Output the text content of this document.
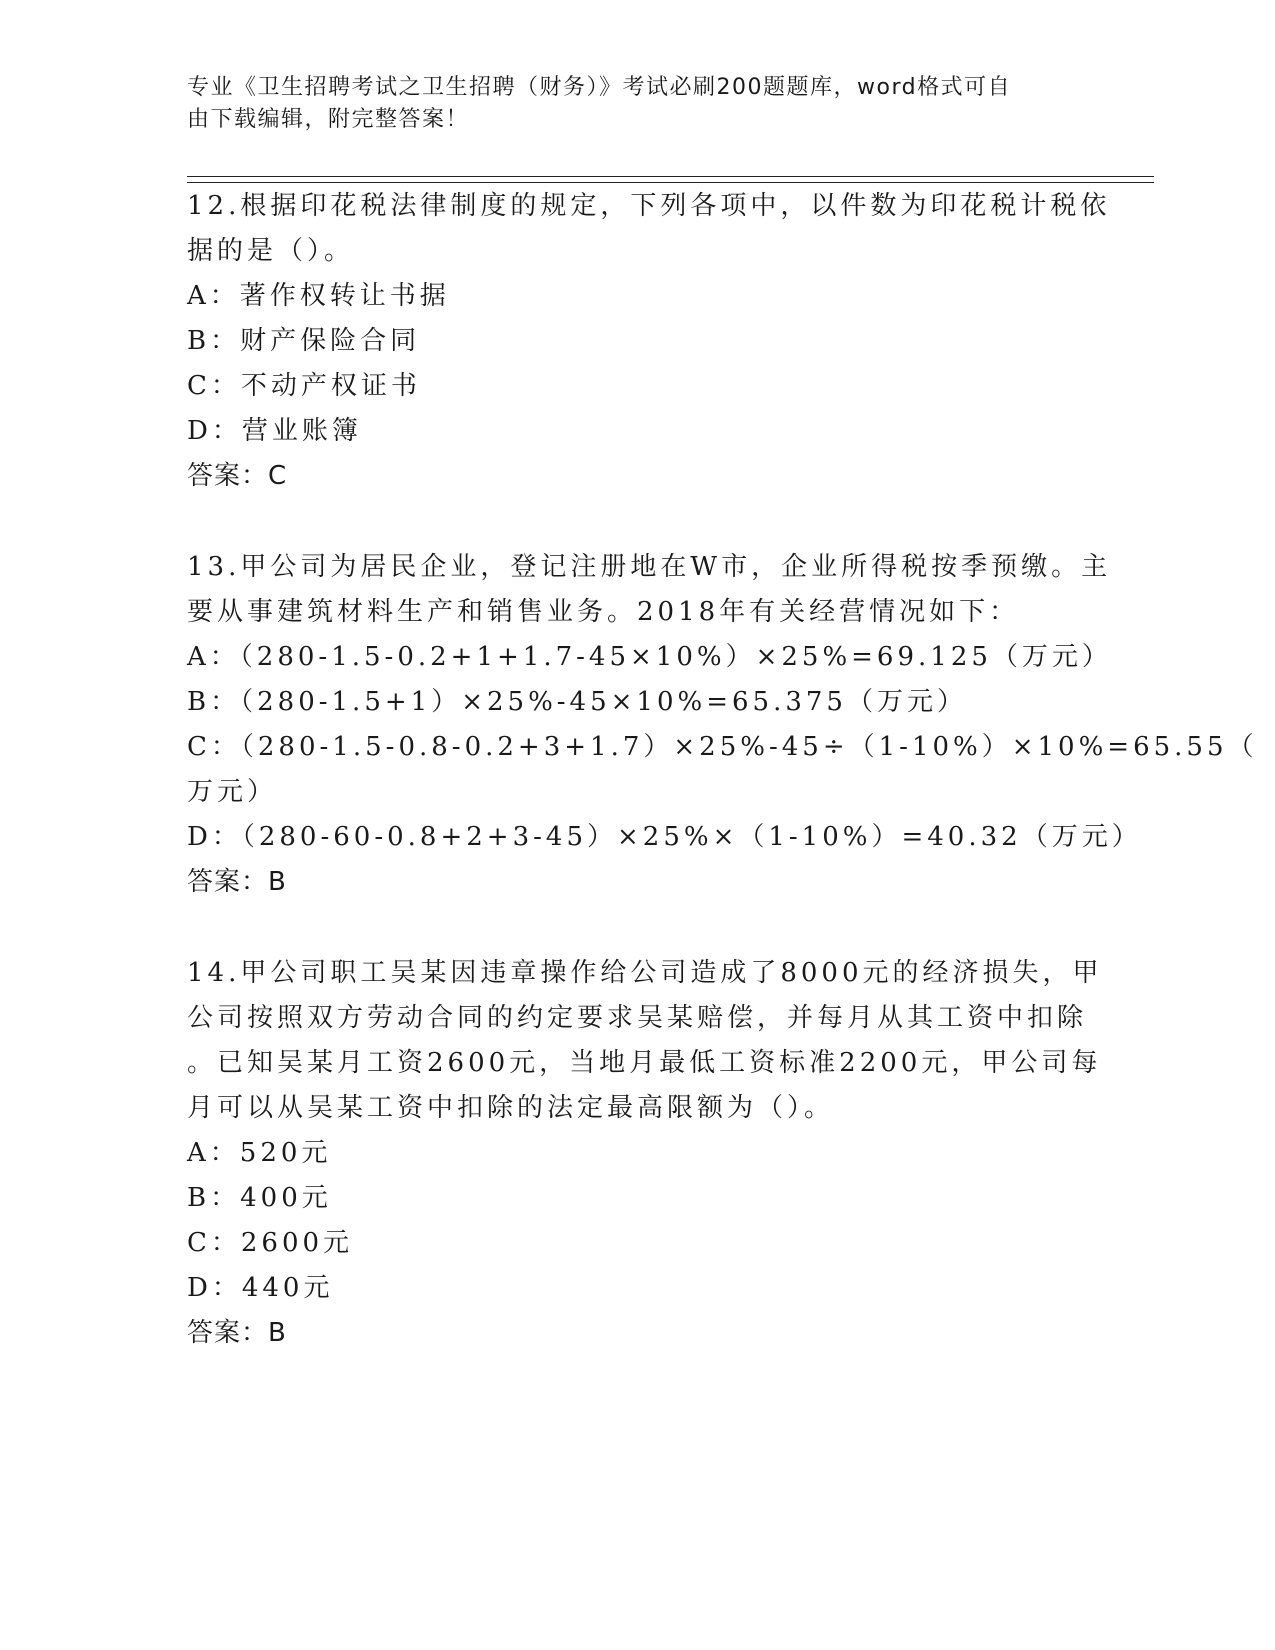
专业《卫生招聘考试之卫生招聘（财务）》考试必刷200题题库，word格式可自
由下载编辑，附完整答案！
12.根据印花税法律制度的规定，下列各项中，以件数为印花税计税依
据的是（）。
A：著作权转让书据
B：财产保险合同
C：不动产权证书
D：营业账簿
答案：C
13.甲公司为居民企业，登记注册地在W市，企业所得税按季预缴。主
要从事建筑材料生产和销售业务。2018年有关经营情况如下：
A：（280-1.5-0.2+1+1.7-45×10%）×25%=69.125（万元）
B：（280-1.5+1）×25%-45×10%=65.375（万元）
C：（280-1.5-0.8-0.2+3+1.7）×25%-45÷（1-10%）×10%=65.55（
万元）
D：（280-60-0.8+2+3-45）×25%×（1-10%）=40.32（万元）
答案：B
14.甲公司职工吴某因违章操作给公司造成了8000元的经济损失，甲
公司按照双方劳动合同的约定要求吴某赔偿，并每月从其工资中扣除
。已知吴某月工资2600元，当地月最低工资标准2200元，甲公司每
月可以从吴某工资中扣除的法定最高限额为（）。
A：520元
B：400元
C：2600元
D：440元
答案：B
